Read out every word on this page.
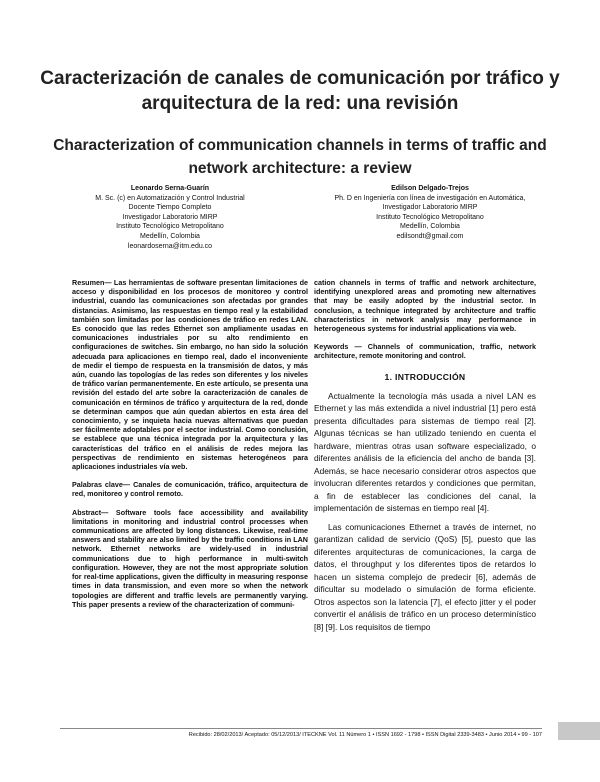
Caracterización de canales de comunicación por tráfico y arquitectura de la red: una revisión
Characterization of communication channels in terms of traffic and network architecture: a review
Leonardo Serna-Guarín
M. Sc. (c) en Automatización y Control Industrial
Docente Tiempo Completo
Investigador Laboratorio MIRP
Instituto Tecnológico Metropolitano
Medellín, Colombia
leonardoserna@itm.edu.co
Edilson Delgado-Trejos
Ph. D en Ingeniería con línea de investigación en Automática,
Investigador Laboratorio MIRP
Instituto Tecnológico Metropolitano
Medellín, Colombia
edilsondt@gmail.com

Resumen— Las herramientas de software presentan limitaciones de acceso y disponibilidad en los procesos de monitoreo y control industrial, cuando las comunicaciones son afectadas por grandes distancias. Asimismo, las respuestas en tiempo real y la estabilidad también son limitadas por las condiciones de tráfico en redes LAN. Es conocido que las redes Ethernet son ampliamente usadas en comunicaciones industriales por su alto rendimiento en configuraciones de switches. Sin embargo, no han sido la solución adecuada para aplicaciones en tiempo real, dado el inconveniente de medir el tiempo de respuesta en la transmisión de datos, y más aún, cuando las topologías de las redes son diferentes y los niveles de tráfico varían permanentemente. En este artículo, se presenta una revisión del estado del arte sobre la caracterización de canales de comunicación en términos de tráfico y arquitectura de la red, donde se determinan campos que aún quedan abiertos en esta área del conocimiento, y se inquieta hacia nuevas alternativas que puedan ser fácilmente adoptables por el sector industrial. Como conclusión, se establece que una técnica integrada por la arquitectura y las características del tráfico en el análisis de redes mejora las perspectivas de rendimiento en sistemas heterogéneos para aplicaciones industriales vía web.

Palabras clave— Canales de comunicación, tráfico, arquitectura de red, monitoreo y control remoto.

Abstract— Software tools face accessibility and availability limitations in monitoring and industrial control processes when communications are affected by long distances. Likewise, real-time answers and stability are also limited by the traffic conditions in LAN network. Ethernet networks are widely-used in industrial communications due to high performance in multi-switch configuration. However, they are not the most appropriate solution for real-time applications, given the difficulty in measuring response times in data transmission, and even more so when the network topologies are different and traffic levels are permanently varying. This paper presents a review of the characterization of communi-

cation channels in terms of traffic and network architecture, identifying unexplored areas and promoting new alternatives that may be easily adopted by the industrial sector. In conclusion, a technique integrated by architecture and traffic characteristics in network analysis may performance in heterogeneous systems for industrial applications via web.

Keywords — Channels of communication, traffic, network architecture, remote monitoring and control.

1. INTRODUCCIÓN

Actualmente la tecnología más usada a nivel LAN es Ethernet y las más extendida a nivel industrial [1] pero está presenta dificultades para sistemas de tiempo real [2]. Algunas técnicas se han utilizado teniendo en cuenta el hardware, mientras otras usan software especializado, o diferentes análisis de la eficiencia del ancho de banda [3]. Además, se hace necesario considerar otros aspectos que involucran diferentes retardos y condiciones que permitan, a fin de establecer las condiciones del canal, la implementación de sistemas en tiempo real [4].

Las comunicaciones Ethernet a través de internet, no garantizan calidad de servicio (QoS) [5], puesto que las diferentes arquitecturas de comunicaciones, la carga de datos, el throughput y los diferentes tipos de retardos lo hacen un sistema complejo de predecir [6], además de dificultar su modelado o simulación de forma eficiente. Otros aspectos son la latencia [7], el efecto jitter y el poder convertir el análisis de tráfico en un proceso determinístico [8] [9]. Los requisitos de tiempo

Recibido: 28/02/2013/ Aceptado: 05/12/2013/ ITECKNE Vol. 11 Número 1 • ISSN 1692 - 1798 • ISSN Digital 2339-3483 • Junio 2014 • 99 - 107
